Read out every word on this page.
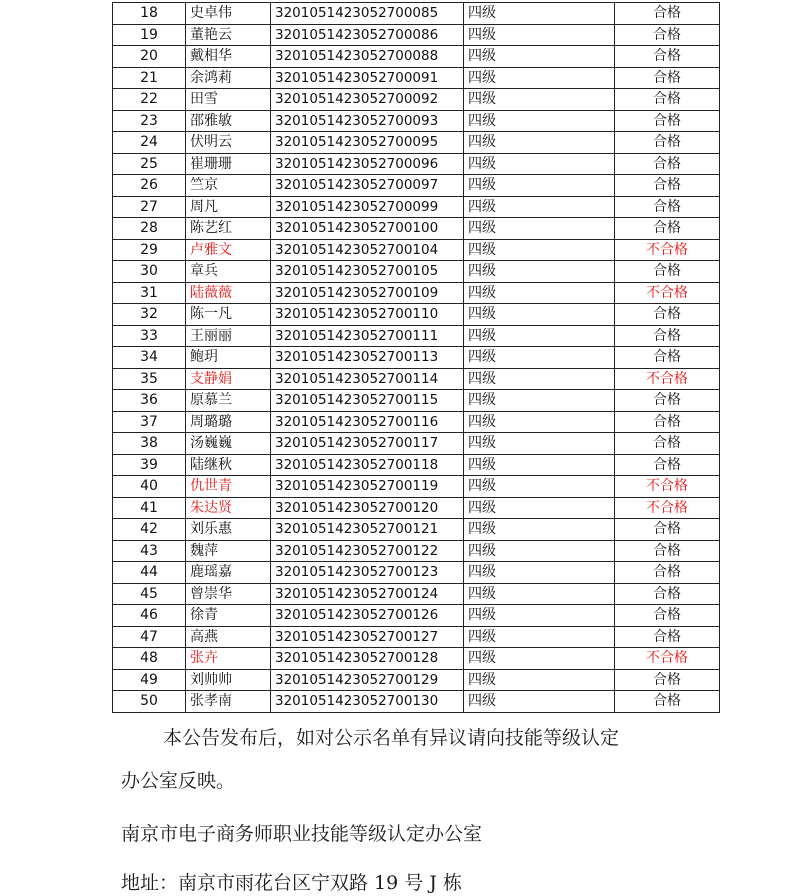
18	史卓伟	3201051423052700085	四级	合格
19	董艳云	3201051423052700086	四级	合格
20	戴相华	3201051423052700088	四级	合格
21	余鸿莉	3201051423052700091	四级	合格
22	田雪	3201051423052700092	四级	合格
23	邵雅敏	3201051423052700093	四级	合格
24	伏明云	3201051423052700095	四级	合格
25	崔珊珊	3201051423052700096	四级	合格
26	竺京	3201051423052700097	四级	合格
27	周凡	3201051423052700099	四级	合格
28	陈艺红	3201051423052700100	四级	合格
29	卢雅文	3201051423052700104	四级	不合格
30	章兵	3201051423052700105	四级	合格
31	陆薇薇	3201051423052700109	四级	不合格
32	陈一凡	3201051423052700110	四级	合格
33	王丽丽	3201051423052700111	四级	合格
34	鲍玥	3201051423052700113	四级	合格
35	支静娟	3201051423052700114	四级	不合格
36	原慕兰	3201051423052700115	四级	合格
37	周璐璐	3201051423052700116	四级	合格
38	汤巍巍	3201051423052700117	四级	合格
39	陆继秋	3201051423052700118	四级	合格
40	仇世青	3201051423052700119	四级	不合格
41	朱达贤	3201051423052700120	四级	不合格
42	刘乐惠	3201051423052700121	四级	合格
43	魏萍	3201051423052700122	四级	合格
44	鹿瑶嘉	3201051423052700123	四级	合格
45	曾崇华	3201051423052700124	四级	合格
46	徐青	3201051423052700126	四级	合格
47	高燕	3201051423052700127	四级	合格
48	张卉	3201051423052700128	四级	不合格
49	刘帅帅	3201051423052700129	四级	合格
50	张孝南	3201051423052700130	四级	合格

本公告发布后，如对公示名单有异议请向技能等级认定

办公室反映。

南京市电子商务师职业技能等级认定办公室

地址：南京市雨花台区宁双路 19 号 J 栋
